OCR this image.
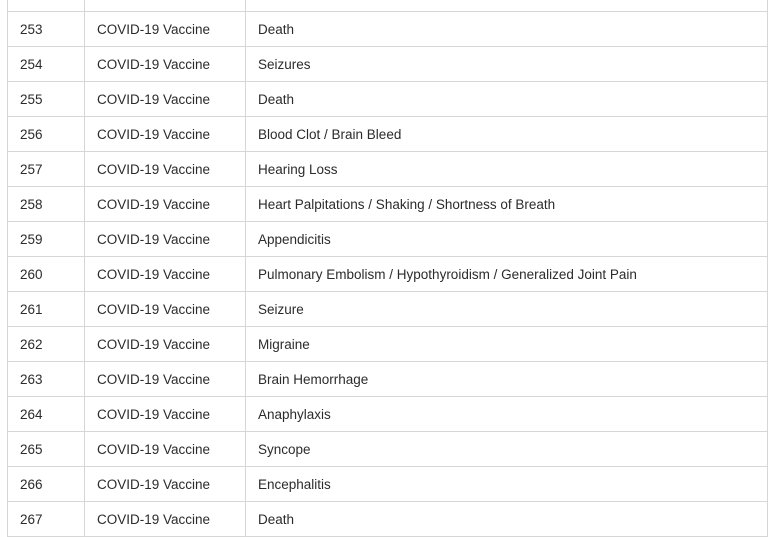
253	COVID-19 Vaccine	Death
254	COVID-19 Vaccine	Seizures
255	COVID-19 Vaccine	Death
256	COVID-19 Vaccine	Blood Clot / Brain Bleed
257	COVID-19 Vaccine	Hearing Loss
258	COVID-19 Vaccine	Heart Palpitations / Shaking / Shortness of Breath
259	COVID-19 Vaccine	Appendicitis
260	COVID-19 Vaccine	Pulmonary Embolism / Hypothyroidism / Generalized Joint Pain
261	COVID-19 Vaccine	Seizure
262	COVID-19 Vaccine	Migraine
263	COVID-19 Vaccine	Brain Hemorrhage
264	COVID-19 Vaccine	Anaphylaxis
265	COVID-19 Vaccine	Syncope
266	COVID-19 Vaccine	Encephalitis
267	COVID-19 Vaccine	Death
